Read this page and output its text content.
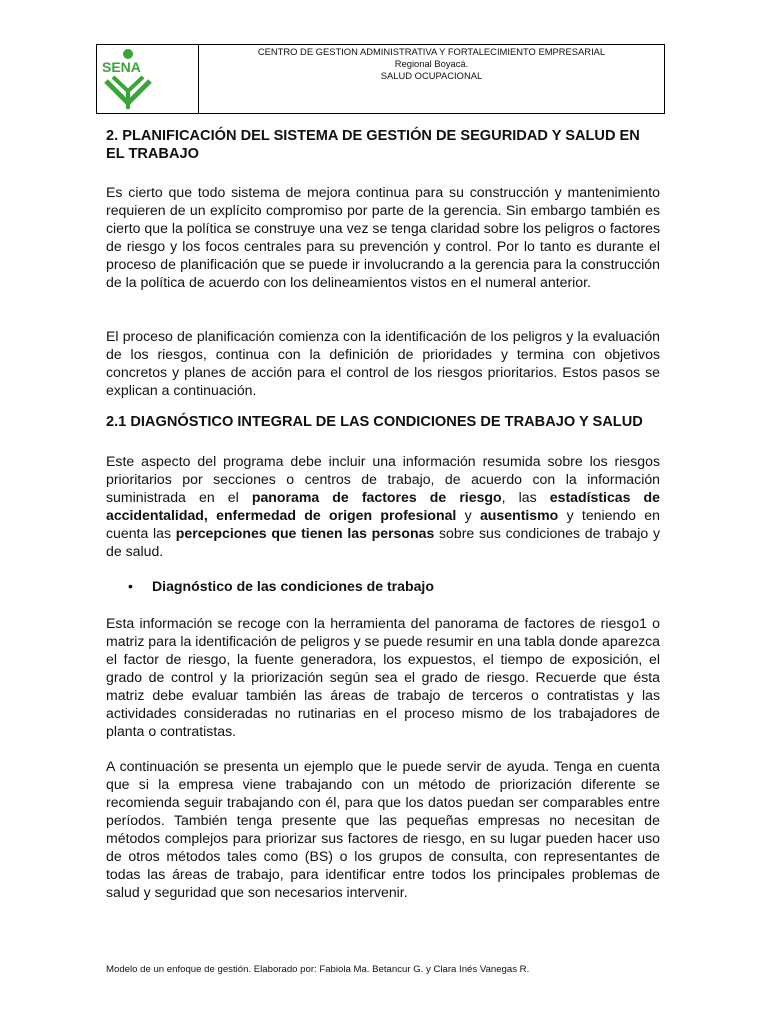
SENA
CENTRO DE GESTION ADMINISTRATIVA Y FORTALECIMIENTO EMPRESARIAL
Regional Boyacá.
SALUD OCUPACIONAL
2. PLANIFICACIÓN DEL SISTEMA DE GESTIÓN DE SEGURIDAD Y SALUD EN EL TRABAJO

Es cierto que todo sistema de mejora continua para su construcción y mantenimiento requieren de un explícito compromiso por parte de la gerencia. Sin embargo también es cierto que la política se construye una vez se tenga claridad sobre los peligros o factores de riesgo y los focos centrales para su prevención y control. Por lo tanto es durante el proceso de planificación que se puede ir involucrando a la gerencia para la construcción de la política de acuerdo con los delineamientos vistos en el numeral anterior.

El proceso de planificación comienza con la identificación de los peligros y la evaluación de los riesgos, continua con la definición de prioridades y termina con objetivos concretos y planes de acción para el control de los riesgos prioritarios. Estos pasos se explican a continuación.

2.1 DIAGNÓSTICO INTEGRAL DE LAS CONDICIONES DE TRABAJO Y SALUD

Este aspecto del programa debe incluir una información resumida sobre los riesgos prioritarios por secciones o centros de trabajo, de acuerdo con la información suministrada en el panorama de factores de riesgo, las estadísticas de accidentalidad, enfermedad de origen profesional y ausentismo y teniendo en cuenta las percepciones que tienen las personas sobre sus condiciones de trabajo y de salud.

• Diagnóstico de las condiciones de trabajo

Esta información se recoge con la herramienta del panorama de factores de riesgo1 o matriz para la identificación de peligros y se puede resumir en una tabla donde aparezca el factor de riesgo, la fuente generadora, los expuestos, el tiempo de exposición, el grado de control y la priorización según sea el grado de riesgo. Recuerde que ésta matriz debe evaluar también las áreas de trabajo de terceros o contratistas y las actividades consideradas no rutinarias en el proceso mismo de los trabajadores de planta o contratistas.

A continuación se presenta un ejemplo que le puede servir de ayuda. Tenga en cuenta que si la empresa viene trabajando con un método de priorización diferente se recomienda seguir trabajando con él, para que los datos puedan ser comparables entre períodos. También tenga presente que las pequeñas empresas no necesitan de métodos complejos para priorizar sus factores de riesgo, en su lugar pueden hacer uso de otros métodos tales como (BS) o los grupos de consulta, con representantes de todas las áreas de trabajo, para identificar entre todos los principales problemas de salud y seguridad que son necesarios intervenir.

Modelo de un enfoque de gestión. Elaborado por: Fabiola Ma. Betancur G. y Clara Inés Vanegas R.
